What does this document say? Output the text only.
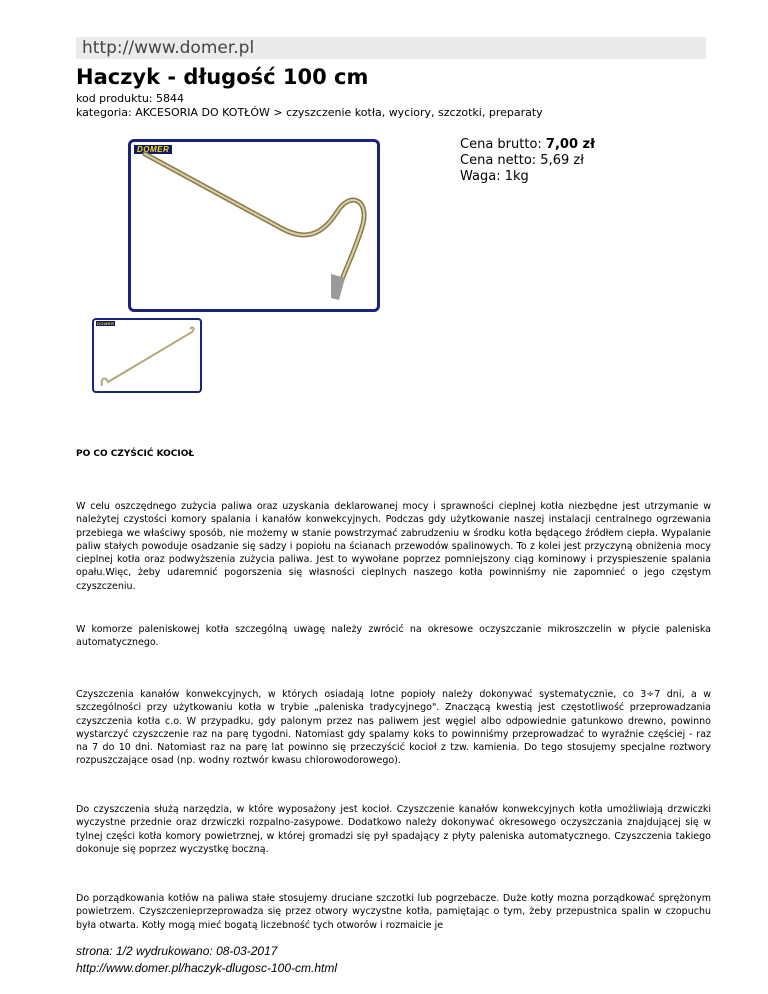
http://www.domer.pl
Haczyk - długość 100 cm
kod produktu: 5844
kategoria: AKCESORIA DO KOTŁÓW > czyszczenie kotła, wyciory, szczotki, preparaty
DOMER
DOMER
Cena brutto: 7,00 zł
Cena netto: 5,69 zł
Waga: 1kg
PO CO CZYŚCIĆ KOCIOŁ

W celu oszczędnego zużycia paliwa oraz uzyskania deklarowanej mocy i sprawności cieplnej kotła niezbędne jest utrzymanie w należytej czystości komory spalania i kanałów konwekcyjnych. Podczas gdy użytkowanie naszej instalacji centralnego ogrzewania przebiega we właściwy sposób, nie możemy w stanie powstrzymać zabrudzeniu w środku kotła będącego źródłem ciepła. Wypalanie paliw stałych powoduje osadzanie się sadzy i popiołu na ścianach przewodów spalinowych. To z kolei jest przyczyną obniżenia mocy cieplnej kotła oraz podwyższenia zużycia paliwa. Jest to wywołane poprzez pomniejszony ciąg kominowy i przyspieszenie spalania opału.Więc, żeby udaremnić pogorszenia się własności cieplnych naszego kotła powinniśmy nie zapomnieć o jego częstym czyszczeniu.

W komorze paleniskowej kotła szczególną uwagę należy zwrócić na okresowe oczyszczanie mikroszczelin w płycie paleniska automatycznego.

Czyszczenia kanałów konwekcyjnych, w których osiadają lotne popioły należy dokonywać systematycznie, co 3÷7 dni, a w szczególności przy użytkowaniu kotła w trybie „paleniska tradycyjnego". Znaczącą kwestią jest częstotliwość przeprowadzania czyszczenia kotła c.o. W przypadku, gdy palonym przez nas paliwem jest węgiel albo odpowiednie gatunkowo drewno, powinno wystarczyć czyszczenie raz na parę tygodni. Natomiast gdy spalamy koks to powinniśmy przeprowadzać to wyraźnie częściej - raz na 7 do 10 dni. Natomiast raz na parę lat powinno się przeczyścić kocioł z tzw. kamienia. Do tego stosujemy specjalne roztwory rozpuszczające osad (np. wodny roztwór kwasu chlorowodorowego).

Do czyszczenia służą narzędzia, w które wyposażony jest kocioł. Czyszczenie kanałów konwekcyjnych kotła umożliwiają drzwiczki wyczystne przednie oraz drzwiczki rozpalno-zasypowe. Dodatkowo należy dokonywać okresowego oczyszczania znajdującej się w tylnej części kotła komory powietrznej, w której gromadzi się pył spadający z płyty paleniska automatycznego. Czyszczenia takiego dokonuje się poprzez wyczystkę boczną.

Do porządkowania kotłów na paliwa stałe stosujemy druciane szczotki lub pogrzebacze. Duże kotły mozna porządkować sprężonym powietrzem. Czyszczenieprzeprowadza się przez otwory wyczystne kotła, pamiętając o tym, żeby przepustnica spalin w czopuchu była otwarta. Kotły mogą mieć bogatą liczebność tych otworów i rozmaicie je

strona: 1/2 wydrukowano: 08-03-2017
http://www.domer.pl/haczyk-dlugosc-100-cm.html
